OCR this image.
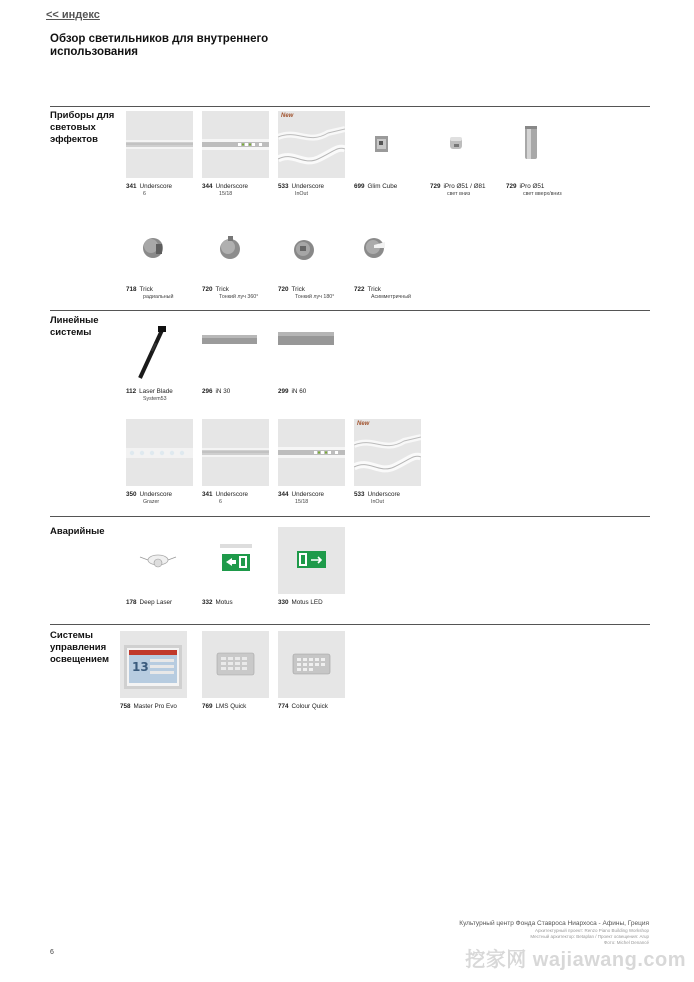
<< индекс
Обзор светильников для внутреннего использования
Приборы для световых эффектов
341 Underscore
6
344 Underscore
15/18
New
533 Underscore
InOut
699 Glim Cube	729 iPro Ø51 / Ø81
свет вниз
729 iPro Ø51
свет вверх/вниз
718 Trick
радиальный
720 Trick
Тонкий луч 360°
720 Trick
Тонкий луч 180°
722 Trick
Асимметричный
Линейные системы
112 Laser Blade
System53
296 iN 30	299 iN 60
350 Underscore
Grazer
341 Underscore
6
344 Underscore
15/18
New
533 Underscore
InOut
Аварийные
178 Deep Laser	332 Motus	330 Motus LED
Системы управления освещением
13
758 Master Pro Evo	769 LMS Quick	774 Colour Quick
Культурный центр Фонда Ставроса Ниархоса - Афины, Греция
Архитектурный проект: Renzo Piano Building Workshop
Местный архитектор: Betaplan / Проект освещения: Arup
Фото: Michel Denancé
6	挖家网 wajiawang.com
